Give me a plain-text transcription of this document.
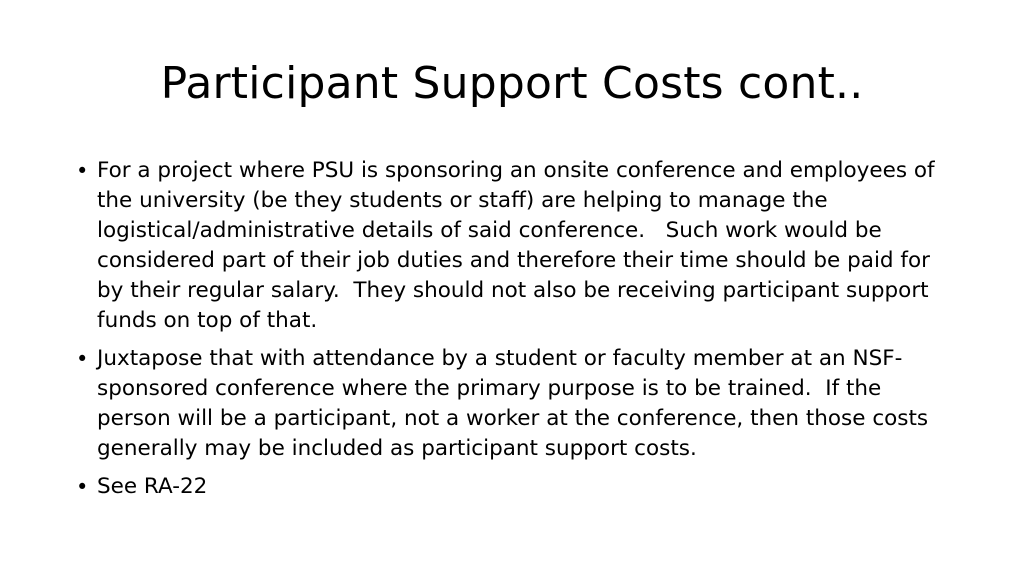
Participant Support Costs cont..
• For a project where PSU is sponsoring an onsite conference and employees of the university (be they students or staff) are helping to manage the logistical/administrative details of said conference.   Such work would be considered part of their job duties and therefore their time should be paid for by their regular salary.  They should not also be receiving participant support funds on top of that.
• Juxtapose that with attendance by a student or faculty member at an NSF-sponsored conference where the primary purpose is to be trained.  If the person will be a participant, not a worker at the conference, then those costs generally may be included as participant support costs.
• See RA-22
